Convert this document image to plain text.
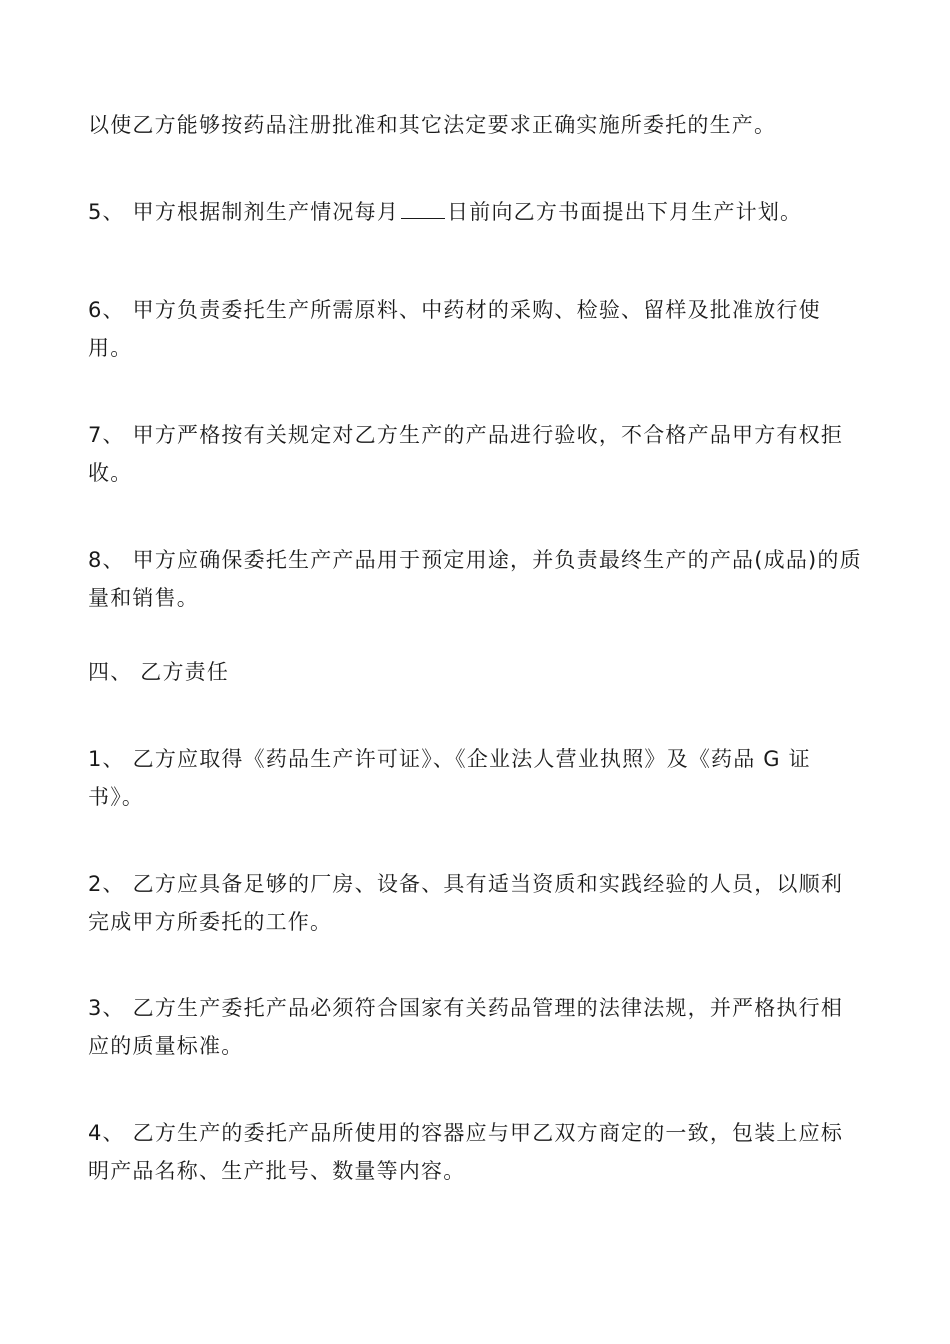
以使乙方能够按药品注册批准和其它法定要求正确实施所委托的生产。

5、 甲方根据制剂生产情况每月 日前向乙方书面提出下月生产计划。

6、 甲方负责委托生产所需原料、中药材的采购、检验、留样及批准放行使用。

7、 甲方严格按有关规定对乙方生产的产品进行验收，不合格产品甲方有权拒收。

8、 甲方应确保委托生产产品用于预定用途，并负责最终生产的产品(成品)的质量和销售。

四、 乙方责任

1、 乙方应取得《药品生产许可证》、《企业法人营业执照》及《药品 G 证书》。

2、 乙方应具备足够的厂房、设备、具有适当资质和实践经验的人员，以顺利完成甲方所委托的工作。

3、 乙方生产委托产品必须符合国家有关药品管理的法律法规，并严格执行相应的质量标准。

4、 乙方生产的委托产品所使用的容器应与甲乙双方商定的一致，包装上应标明产品名称、生产批号、数量等内容。
